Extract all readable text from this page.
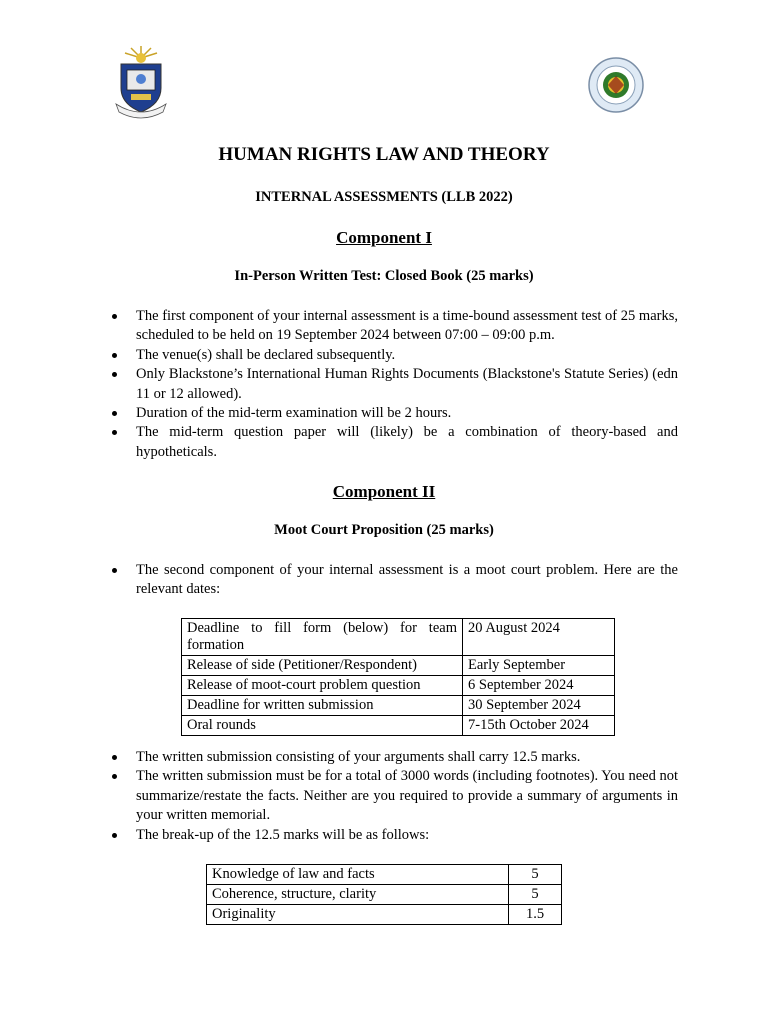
HUMAN RIGHTS LAW AND THEORY
INTERNAL ASSESSMENTS (LLB 2022)
Component I
In-Person Written Test: Closed Book (25 marks)
The first component of your internal assessment is a time-bound assessment test of 25 marks, scheduled to be held on 19 September 2024 between 07:00 – 09:00 p.m.
The venue(s) shall be declared subsequently.
Only Blackstone’s International Human Rights Documents (Blackstone's Statute Series) (edn 11 or 12 allowed).
Duration of the mid-term examination will be 2 hours.
The mid-term question paper will (likely) be a combination of theory-based and hypotheticals.
Component II
Moot Court Proposition (25 marks)
The second component of your internal assessment is a moot court problem. Here are the relevant dates:
Deadline to fill form (below) for team formation	20 August 2024
Release of side (Petitioner/Respondent)	Early September
Release of moot-court problem question	6 September 2024
Deadline for written submission	30 September 2024
Oral rounds	7-15th October 2024
The written submission consisting of your arguments shall carry 12.5 marks.
The written submission must be for a total of 3000 words (including footnotes). You need not summarize/restate the facts. Neither are you required to provide a summary of arguments in your written memorial.
The break-up of the 12.5 marks will be as follows:
Knowledge of law and facts	5
Coherence, structure, clarity	5
Originality	1.5
